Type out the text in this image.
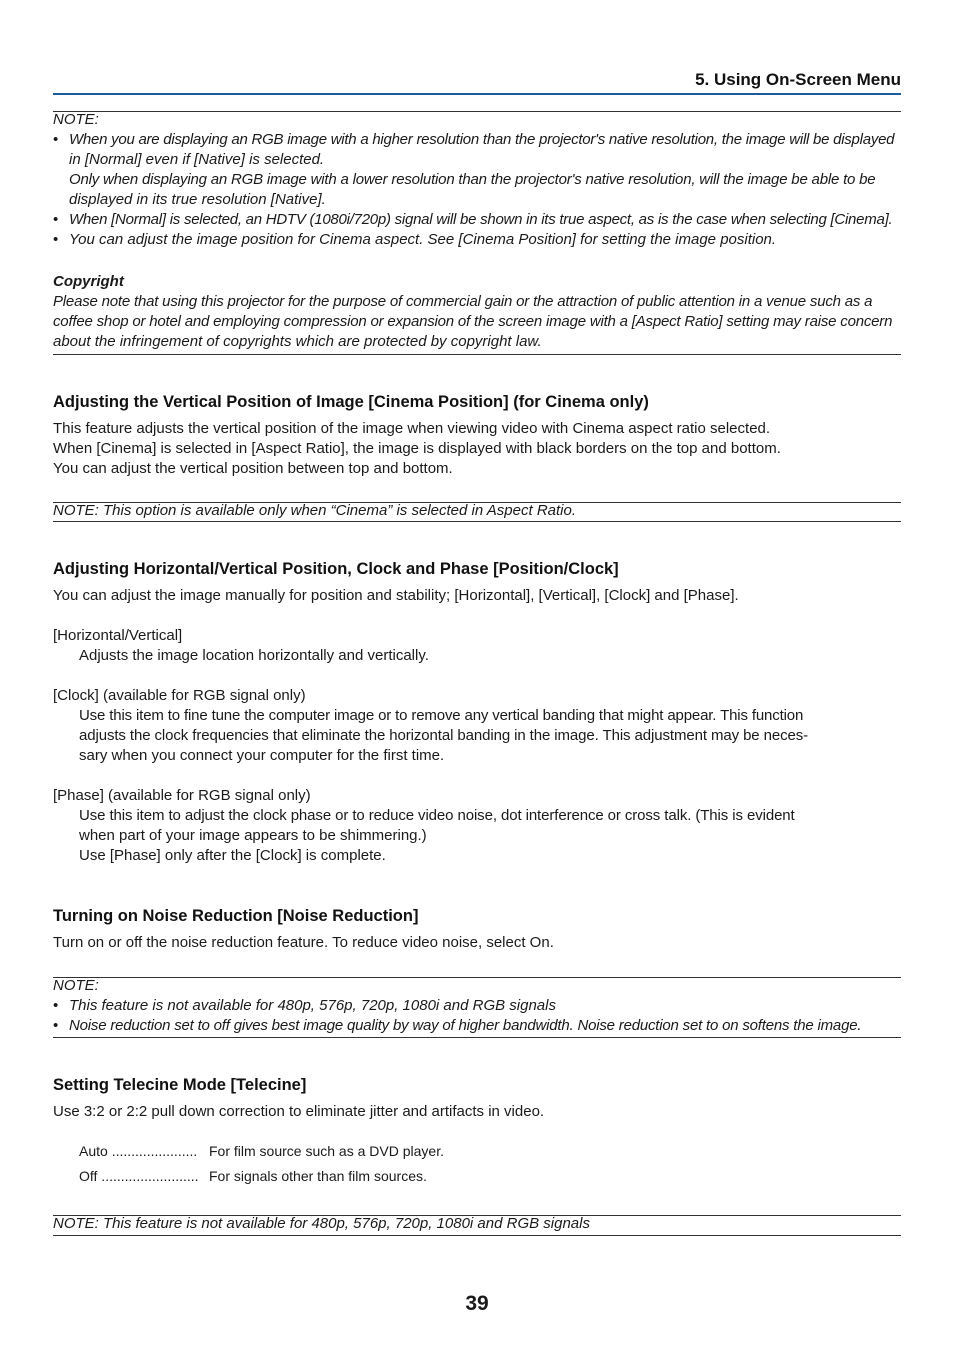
5. Using On-Screen Menu
NOTE:
• When you are displaying an RGB image with a higher resolution than the projector's native resolution, the image will be displayed
in [Normal] even if [Native] is selected.
Only when displaying an RGB image with a lower resolution than the projector's native resolution, will the image be able to be
displayed in its true resolution [Native].
• When [Normal] is selected, an HDTV (1080i/720p) signal will be shown in its true aspect, as is the case when selecting [Cinema].
• You can adjust the image position for Cinema aspect. See [Cinema Position] for setting the image position.
Copyright
Please note that using this projector for the purpose of commercial gain or the attraction of public attention in a venue such as a
coffee shop or hotel and employing compression or expansion of the screen image with a [Aspect Ratio] setting may raise concern
about the infringement of copyrights which are protected by copyright law.
Adjusting the Vertical Position of Image [Cinema Position] (for Cinema only)

This feature adjusts the vertical position of the image when viewing video with Cinema aspect ratio selected.

When [Cinema] is selected in [Aspect Ratio], the image is displayed with black borders on the top and bottom.

You can adjust the vertical position between top and bottom.

NOTE: This option is available only when “Cinema” is selected in Aspect Ratio.
Adjusting Horizontal/Vertical Position, Clock and Phase [Position/Clock]

You can adjust the image manually for position and stability; [Horizontal], [Vertical], [Clock] and [Phase].

[Horizontal/Vertical]

Adjusts the image location horizontally and vertically.

[Clock] (available for RGB signal only)

Use this item to fine tune the computer image or to remove any vertical banding that might appear. This function

adjusts the clock frequencies that eliminate the horizontal banding in the image. This adjustment may be neces-

sary when you connect your computer for the first time.

[Phase] (available for RGB signal only)

Use this item to adjust the clock phase or to reduce video noise, dot interference or cross talk. (This is evident

when part of your image appears to be shimmering.)

Use [Phase] only after the [Clock] is complete.

Turning on Noise Reduction [Noise Reduction]
Turn on or off the noise reduction feature. To reduce video noise, select On.
NOTE:
• This feature is not available for 480p, 576p, 720p, 1080i and RGB signals
• Noise reduction set to off gives best image quality by way of higher bandwidth. Noise reduction set to on softens the image.
Setting Telecine Mode [Telecine]
Use 3:2 or 2:2 pull down correction to eliminate jitter and artifacts in video.
Auto ...................... For film source such as a DVD player.
Off ......................... For signals other than film sources.
NOTE: This feature is not available for 480p, 576p, 720p, 1080i and RGB signals
39
